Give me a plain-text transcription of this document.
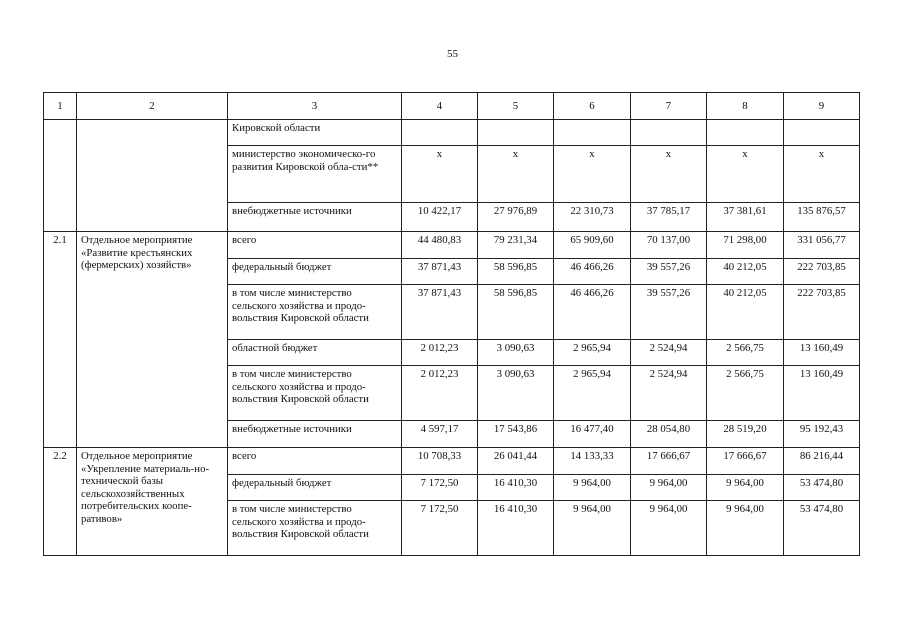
55
1	2	3	4	5	6	7	8	9
		Кировской области						
		министерство экономическо-го развития Кировской обла-сти**	х	х	х	х	х	х
		внебюджетные источники	10 422,17	27 976,89	22 310,73	37 785,17	37 381,61	135 876,57
2.1	Отдельное мероприятие «Развитие крестьянских (фермерских) хозяйств»	всего	44 480,83	79 231,34	65 909,60	70 137,00	71 298,00	331 056,77
		федеральный бюджет	37 871,43	58 596,85	46 466,26	39 557,26	40 212,05	222 703,85
		в том числе министерство сельского хозяйства и продо-вольствия Кировской области	37 871,43	58 596,85	46 466,26	39 557,26	40 212,05	222 703,85
		областной бюджет	2 012,23	3 090,63	2 965,94	2 524,94	2 566,75	13 160,49
		в том числе министерство сельского хозяйства и продо-вольствия Кировской области	2 012,23	3 090,63	2 965,94	2 524,94	2 566,75	13 160,49
		внебюджетные источники	4 597,17	17 543,86	16 477,40	28 054,80	28 519,20	95 192,43
2.2	Отдельное мероприятие «Укрепление материаль-но-технической базы сельскохозяйственных потребительских коопе-ративов»	всего	10 708,33	26 041,44	14 133,33	17 666,67	17 666,67	86 216,44
		федеральный бюджет	7 172,50	16 410,30	9 964,00	9 964,00	9 964,00	53 474,80
		в том числе министерство сельского хозяйства и продо-вольствия Кировской области	7 172,50	16 410,30	9 964,00	9 964,00	9 964,00	53 474,80
